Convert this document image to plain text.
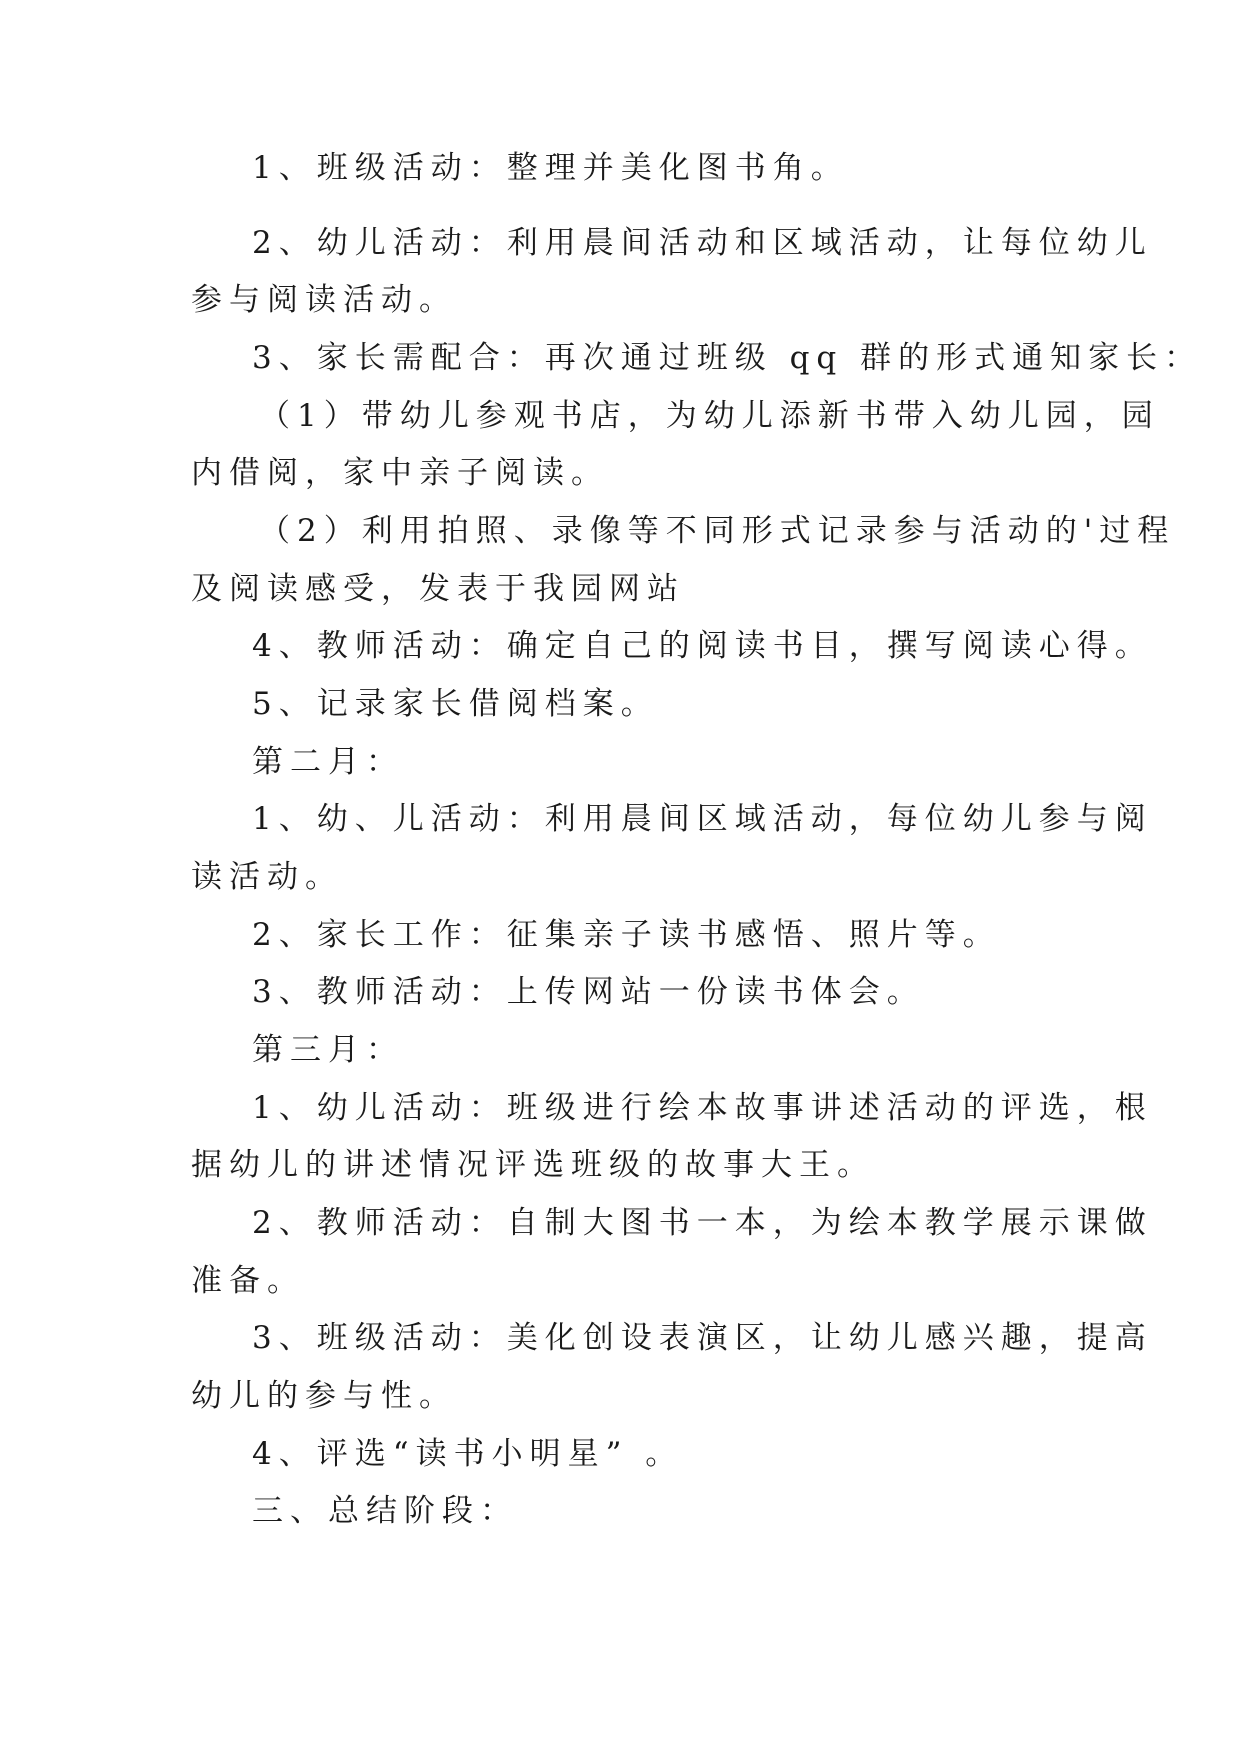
1、班级活动：整理并美化图书角。
2、幼儿活动：利用晨间活动和区域活动，让每位幼儿
参与阅读活动。
3、家长需配合：再次通过班级 qq 群的形式通知家长：
（1）带幼儿参观书店，为幼儿添新书带入幼儿园，园
内借阅，家中亲子阅读。
（2）利用拍照、录像等不同形式记录参与活动的'过程
及阅读感受，发表于我园网站
4、教师活动：确定自己的阅读书目，撰写阅读心得。
5、记录家长借阅档案。
第二月：
1、幼、儿活动：利用晨间区域活动，每位幼儿参与阅
读活动。
2、家长工作：征集亲子读书感悟、照片等。
3、教师活动：上传网站一份读书体会。
第三月：
1、幼儿活动：班级进行绘本故事讲述活动的评选，根
据幼儿的讲述情况评选班级的故事大王。
2、教师活动：自制大图书一本，为绘本教学展示课做
准备。
3、班级活动：美化创设表演区，让幼儿感兴趣，提高
幼儿的参与性。
4、评选“读书小明星” 。
三、总结阶段：
